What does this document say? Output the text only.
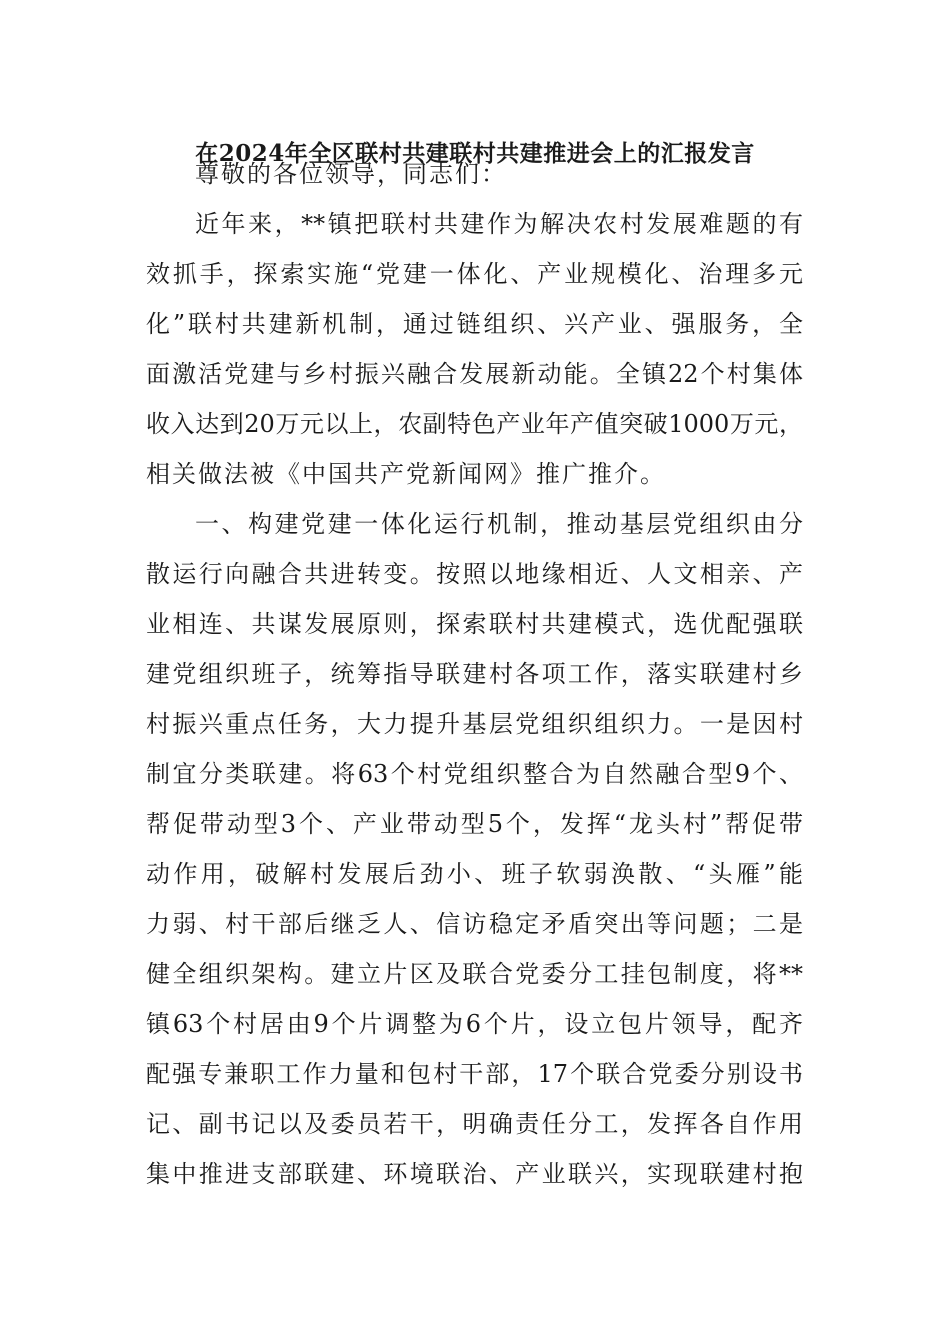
在2024年全区联村共建联村共建推进会上的汇报发言
尊敬的各位领导，同志们：
近年来，**镇把联村共建作为解决农村发展难题的有
效抓手，探索实施“党建一体化、产业规模化、治理多元
化”联村共建新机制，通过链组织、兴产业、强服务，全
面激活党建与乡村振兴融合发展新动能。全镇22个村集体
收入达到20万元以上，农副特色产业年产值突破1000万元，
相关做法被《中国共产党新闻网》推广推介。
一、构建党建一体化运行机制，推动基层党组织由分
散运行向融合共进转变。按照以地缘相近、人文相亲、产
业相连、共谋发展原则，探索联村共建模式，选优配强联
建党组织班子，统筹指导联建村各项工作，落实联建村乡
村振兴重点任务，大力提升基层党组织组织力。一是因村
制宜分类联建。将63个村党组织整合为自然融合型9个、
帮促带动型3个、产业带动型5个，发挥“龙头村”帮促带
动作用，破解村发展后劲小、班子软弱涣散、“头雁”能
力弱、村干部后继乏人、信访稳定矛盾突出等问题；二是
健全组织架构。建立片区及联合党委分工挂包制度，将**
镇63个村居由9个片调整为6个片，设立包片领导，配齐
配强专兼职工作力量和包村干部，17个联合党委分别设书
记、副书记以及委员若干，明确责任分工，发挥各自作用
集中推进支部联建、环境联治、产业联兴，实现联建村抱
